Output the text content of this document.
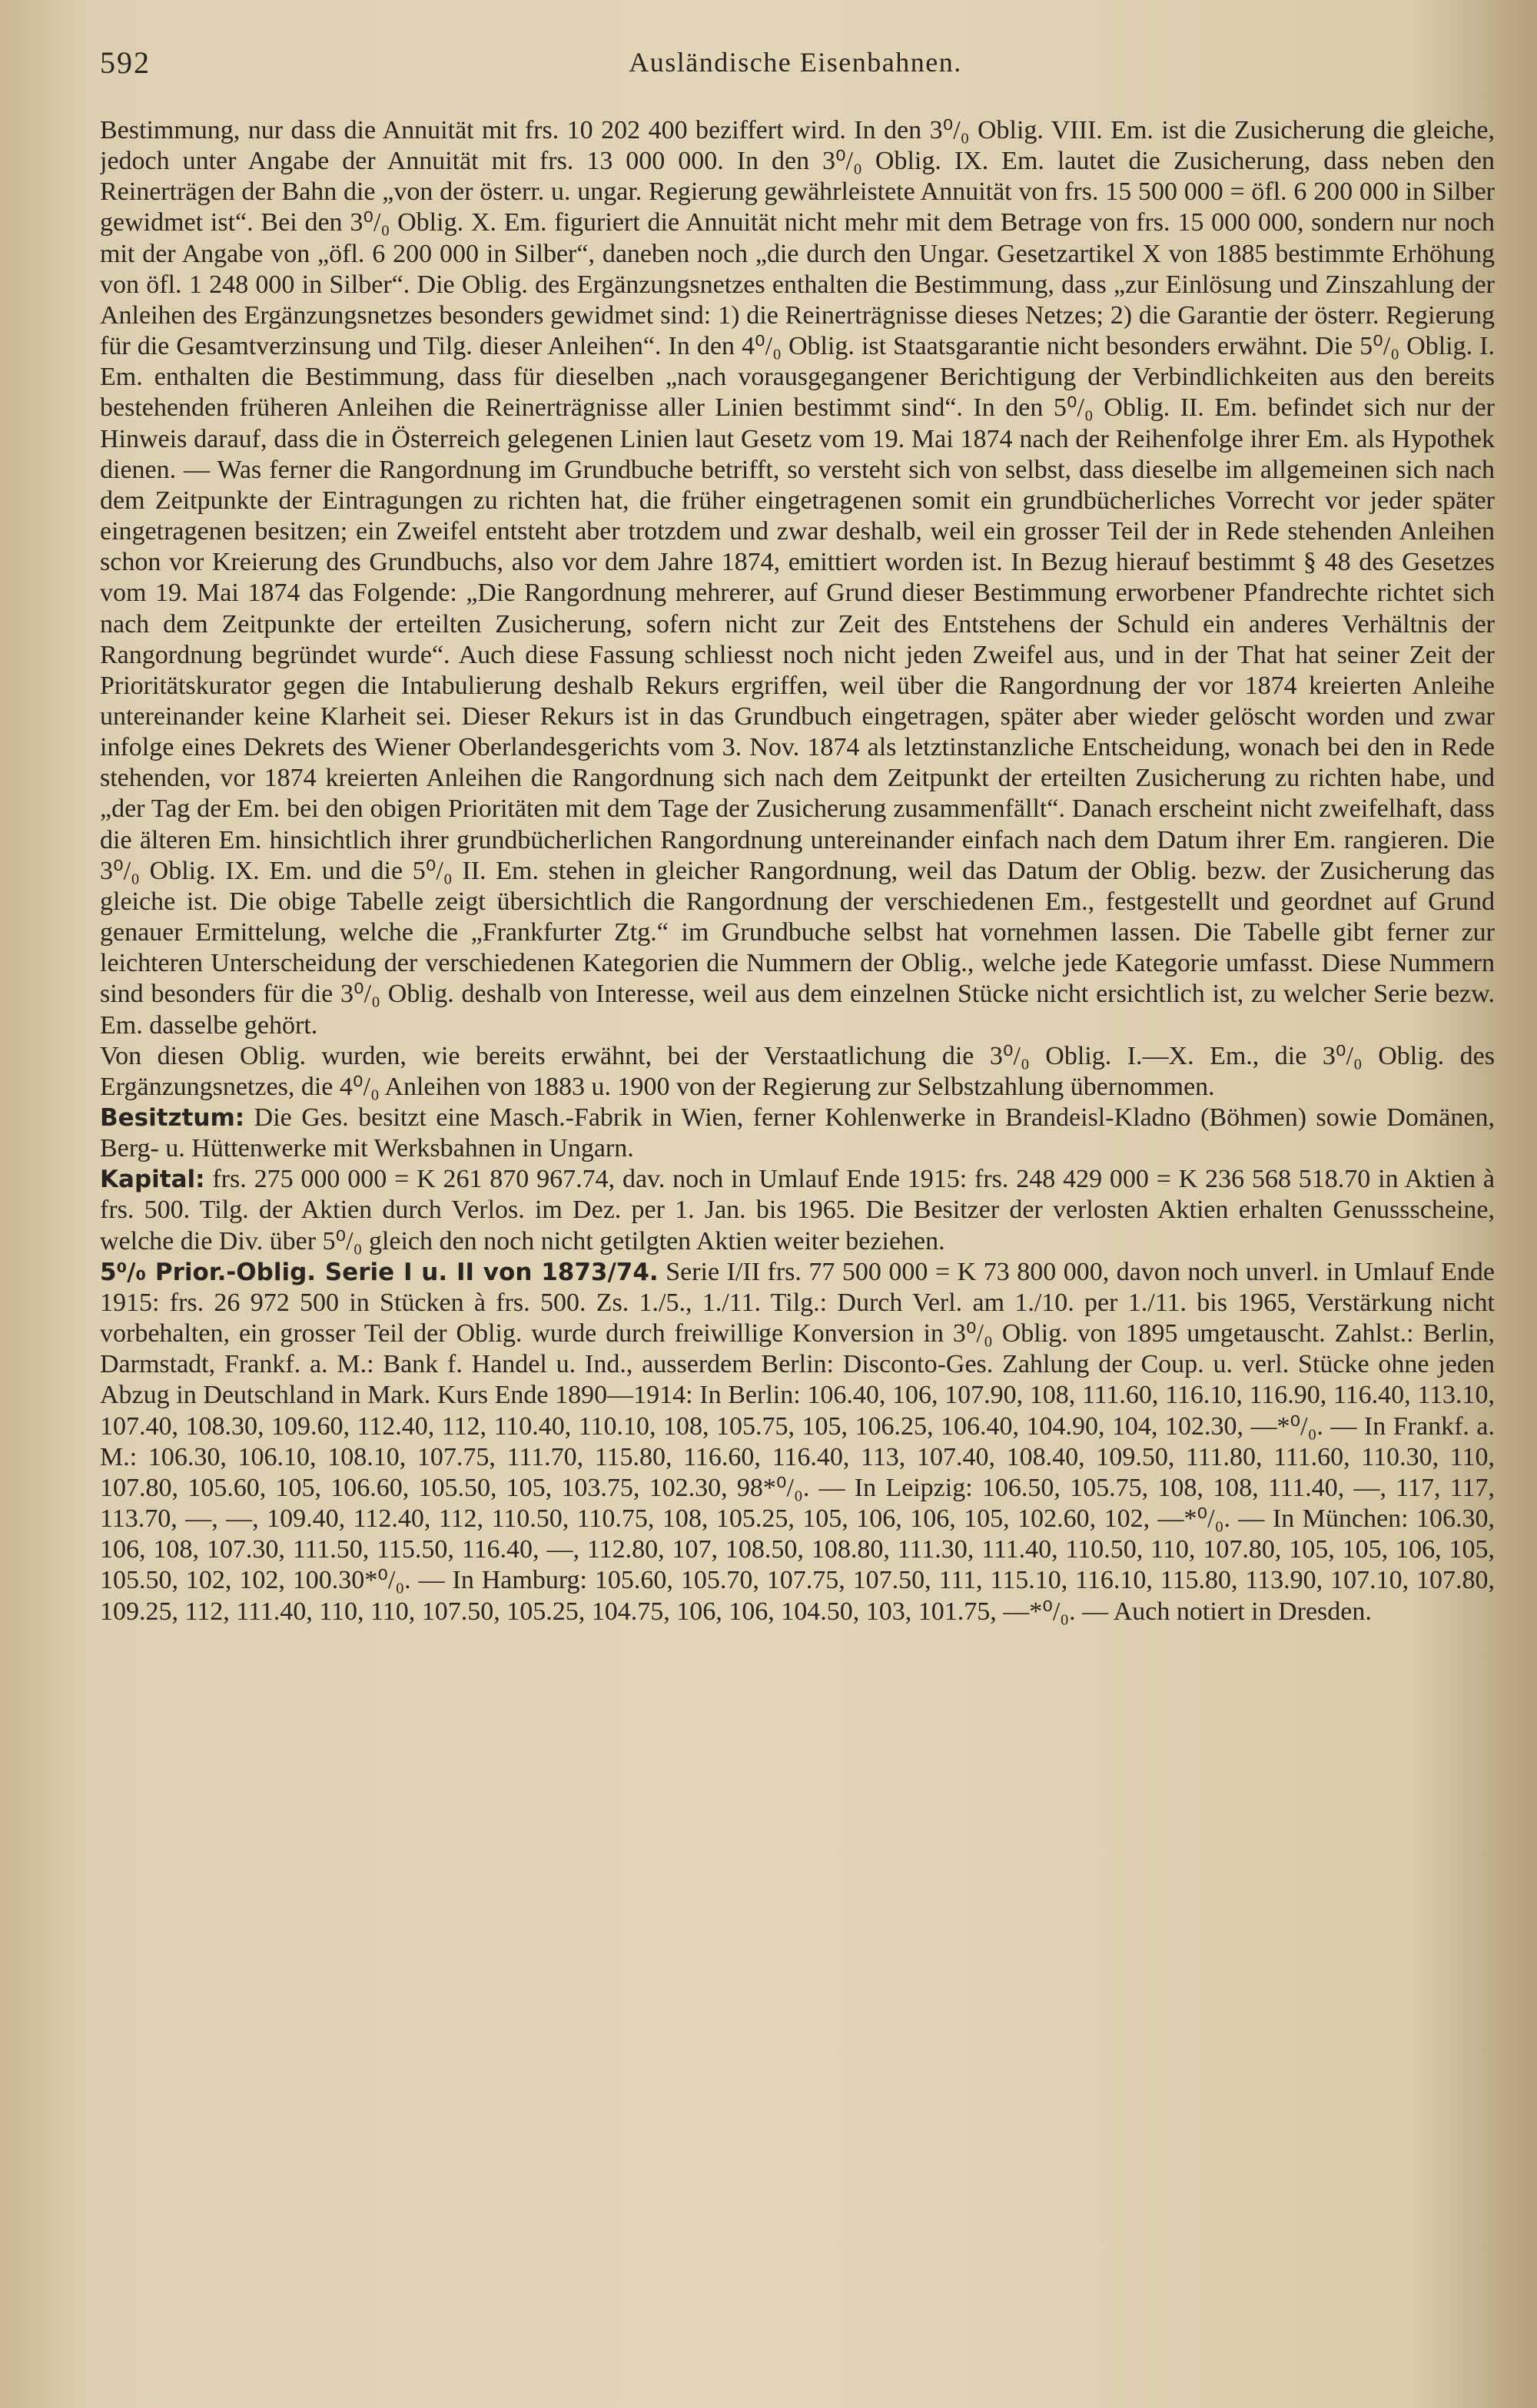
592	Ausländische Eisenbahnen.

Bestimmung, nur dass die Annuität mit frs. 10 202 400 beziffert wird. In den 3⁰/₀ Oblig. VIII. Em. ist die Zusicherung die gleiche, jedoch unter Angabe der Annuität mit frs. 13 000 000. In den 3⁰/₀ Oblig. IX. Em. lautet die Zusicherung, dass neben den Reinerträgen der Bahn die „von der österr. u. ungar. Regierung gewährleistete Annuität von frs. 15 500 000 = öfl. 6 200 000 in Silber gewidmet ist“. Bei den 3⁰/₀ Oblig. X. Em. figuriert die Annuität nicht mehr mit dem Betrage von frs. 15 000 000, sondern nur noch mit der Angabe von „öfl. 6 200 000 in Silber“, daneben noch „die durch den Ungar. Gesetzartikel X von 1885 bestimmte Erhöhung von öfl. 1 248 000 in Silber“. Die Oblig. des Ergänzungsnetzes enthalten die Bestimmung, dass „zur Einlösung und Zinszahlung der Anleihen des Ergänzungsnetzes besonders gewidmet sind: 1) die Reinerträgnisse dieses Netzes; 2) die Garantie der österr. Regierung für die Gesamtverzinsung und Tilg. dieser Anleihen“. In den 4⁰/₀ Oblig. ist Staatsgarantie nicht besonders erwähnt. Die 5⁰/₀ Oblig. I. Em. enthalten die Bestimmung, dass für dieselben „nach vorausgegangener Berichtigung der Verbindlichkeiten aus den bereits bestehenden früheren Anleihen die Reinerträgnisse aller Linien bestimmt sind“. In den 5⁰/₀ Oblig. II. Em. befindet sich nur der Hinweis darauf, dass die in Österreich gelegenen Linien laut Gesetz vom 19. Mai 1874 nach der Reihenfolge ihrer Em. als Hypothek dienen. — Was ferner die Rangordnung im Grundbuche betrifft, so versteht sich von selbst, dass dieselbe im allgemeinen sich nach dem Zeitpunkte der Eintragungen zu richten hat, die früher eingetragenen somit ein grundbücherliches Vorrecht vor jeder später eingetragenen besitzen; ein Zweifel entsteht aber trotzdem und zwar deshalb, weil ein grosser Teil der in Rede stehenden Anleihen schon vor Kreierung des Grundbuchs, also vor dem Jahre 1874, emittiert worden ist. In Bezug hierauf bestimmt § 48 des Gesetzes vom 19. Mai 1874 das Folgende: „Die Rangordnung mehrerer, auf Grund dieser Bestimmung erworbener Pfandrechte richtet sich nach dem Zeitpunkte der erteilten Zusicherung, sofern nicht zur Zeit des Entstehens der Schuld ein anderes Verhältnis der Rangordnung begründet wurde“. Auch diese Fassung schliesst noch nicht jeden Zweifel aus, und in der That hat seiner Zeit der Prioritätskurator gegen die Intabulierung deshalb Rekurs ergriffen, weil über die Rangordnung der vor 1874 kreierten Anleihe untereinander keine Klarheit sei. Dieser Rekurs ist in das Grundbuch eingetragen, später aber wieder gelöscht worden und zwar infolge eines Dekrets des Wiener Oberlandesgerichts vom 3. Nov. 1874 als letztinstanzliche Entscheidung, wonach bei den in Rede stehenden, vor 1874 kreierten Anleihen die Rangordnung sich nach dem Zeitpunkt der erteilten Zusicherung zu richten habe, und „der Tag der Em. bei den obigen Prioritäten mit dem Tage der Zusicherung zusammenfällt“. Danach erscheint nicht zweifelhaft, dass die älteren Em. hinsichtlich ihrer grundbücherlichen Rangordnung untereinander einfach nach dem Datum ihrer Em. rangieren. Die 3⁰/₀ Oblig. IX. Em. und die 5⁰/₀ II. Em. stehen in gleicher Rangordnung, weil das Datum der Oblig. bezw. der Zusicherung das gleiche ist. Die obige Tabelle zeigt übersichtlich die Rangordnung der verschiedenen Em., festgestellt und geordnet auf Grund genauer Ermittelung, welche die „Frankfurter Ztg.“ im Grundbuche selbst hat vornehmen lassen. Die Tabelle gibt ferner zur leichteren Unterscheidung der verschiedenen Kategorien die Nummern der Oblig., welche jede Kategorie umfasst. Diese Nummern sind besonders für die 3⁰/₀ Oblig. deshalb von Interesse, weil aus dem einzelnen Stücke nicht ersichtlich ist, zu welcher Serie bezw. Em. dasselbe gehört.

Von diesen Oblig. wurden, wie bereits erwähnt, bei der Verstaatlichung die 3⁰/₀ Oblig. I.—X. Em., die 3⁰/₀ Oblig. des Ergänzungsnetzes, die 4⁰/₀ Anleihen von 1883 u. 1900 von der Regierung zur Selbstzahlung übernommen.

Besitztum: Die Ges. besitzt eine Masch.-Fabrik in Wien, ferner Kohlenwerke in Brandeisl-Kladno (Böhmen) sowie Domänen, Berg- u. Hüttenwerke mit Werksbahnen in Ungarn.

Kapital: frs. 275 000 000 = K 261 870 967.74, dav. noch in Umlauf Ende 1915: frs. 248 429 000 = K 236 568 518.70 in Aktien à frs. 500. Tilg. der Aktien durch Verlos. im Dez. per 1. Jan. bis 1965. Die Besitzer der verlosten Aktien erhalten Genussscheine, welche die Div. über 5⁰/₀ gleich den noch nicht getilgten Aktien weiter beziehen.

5⁰/₀ Prior.-Oblig. Serie I u. II von 1873/74. Serie I/II frs. 77 500 000 = K 73 800 000, davon noch unverl. in Umlauf Ende 1915: frs. 26 972 500 in Stücken à frs. 500. Zs. 1./5., 1./11. Tilg.: Durch Verl. am 1./10. per 1./11. bis 1965, Verstärkung nicht vorbehalten, ein grosser Teil der Oblig. wurde durch freiwillige Konversion in 3⁰/₀ Oblig. von 1895 umgetauscht. Zahlst.: Berlin, Darmstadt, Frankf. a. M.: Bank f. Handel u. Ind., ausserdem Berlin: Disconto-Ges. Zahlung der Coup. u. verl. Stücke ohne jeden Abzug in Deutschland in Mark. Kurs Ende 1890—1914: In Berlin: 106.40, 106, 107.90, 108, 111.60, 116.10, 116.90, 116.40, 113.10, 107.40, 108.30, 109.60, 112.40, 112, 110.40, 110.10, 108, 105.75, 105, 106.25, 106.40, 104.90, 104, 102.30, —*⁰/₀. — In Frankf. a. M.: 106.30, 106.10, 108.10, 107.75, 111.70, 115.80, 116.60, 116.40, 113, 107.40, 108.40, 109.50, 111.80, 111.60, 110.30, 110, 107.80, 105.60, 105, 106.60, 105.50, 105, 103.75, 102.30, 98*⁰/₀. — In Leipzig: 106.50, 105.75, 108, 108, 111.40, —, 117, 117, 113.70, —, —, 109.40, 112.40, 112, 110.50, 110.75, 108, 105.25, 105, 106, 106, 105, 102.60, 102, —*⁰/₀. — In München: 106.30, 106, 108, 107.30, 111.50, 115.50, 116.40, —, 112.80, 107, 108.50, 108.80, 111.30, 111.40, 110.50, 110, 107.80, 105, 105, 106, 105, 105.50, 102, 102, 100.30*⁰/₀. — In Hamburg: 105.60, 105.70, 107.75, 107.50, 111, 115.10, 116.10, 115.80, 113.90, 107.10, 107.80, 109.25, 112, 111.40, 110, 110, 107.50, 105.25, 104.75, 106, 106, 104.50, 103, 101.75, —*⁰/₀. — Auch notiert in Dresden.
